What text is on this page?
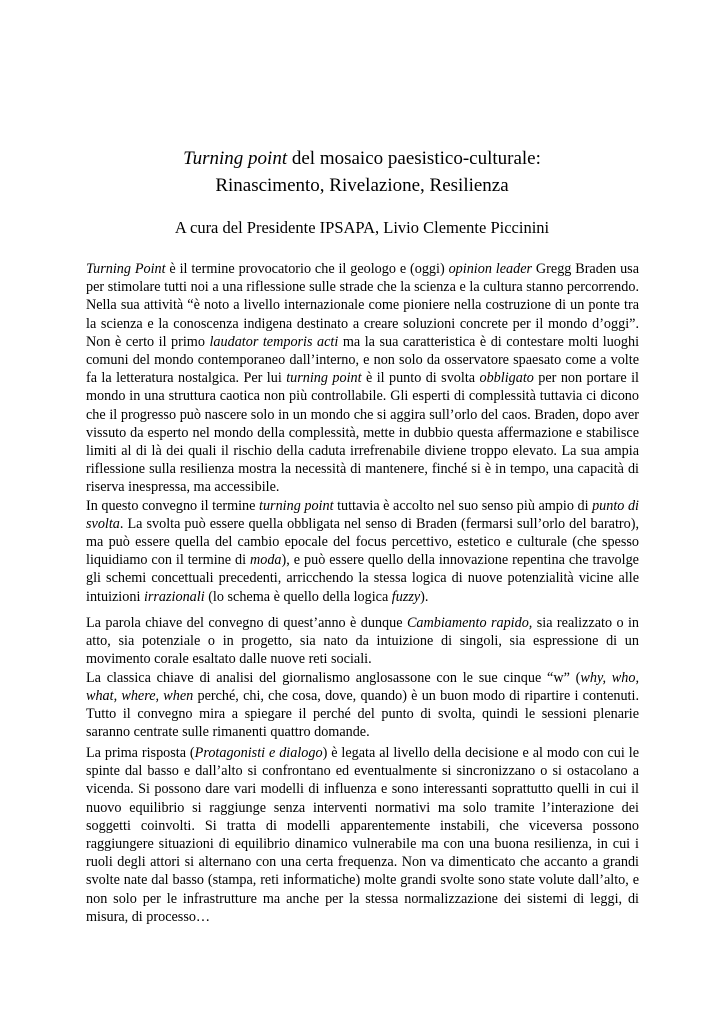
Turning point del mosaico paesistico-culturale:
Rinascimento, Rivelazione, Resilienza
A cura del Presidente IPSAPA, Livio Clemente Piccinini

Turning Point è il termine provocatorio che il geologo e (oggi) opinion leader Gregg Braden usa per stimolare tutti noi a una riflessione sulle strade che la scienza e la cultura stanno percorrendo. Nella sua attività “è noto a livello internazionale come pioniere nella costruzione di un ponte tra la scienza e la conoscenza indigena destinato a creare soluzioni concrete per il mondo d’oggi”. Non è certo il primo laudator temporis acti ma la sua caratteristica è di contestare molti luoghi comuni del mondo contemporaneo dall’interno, e non solo da osservatore spaesato come a volte fa la letteratura nostalgica. Per lui turning point è il punto di svolta obbligato per non portare il mondo in una struttura caotica non più controllabile. Gli esperti di complessità tuttavia ci dicono che il progresso può nascere solo in un mondo che si aggira sull’orlo del caos. Braden, dopo aver vissuto da esperto nel mondo della complessità, mette in dubbio questa affermazione e stabilisce limiti al di là dei quali il rischio della caduta irrefrenabile diviene troppo elevato. La sua ampia riflessione sulla resilienza mostra la necessità di mantenere, finché si è in tempo, una capacità di riserva inespressa, ma accessibile.

In questo convegno il termine turning point tuttavia è accolto nel suo senso più ampio di punto di svolta. La svolta può essere quella obbligata nel senso di Braden (fermarsi sull’orlo del baratro), ma può essere quella del cambio epocale del focus percettivo, estetico e culturale (che spesso liquidiamo con il termine di moda), e può essere quello della innovazione repentina che travolge gli schemi concettuali precedenti, arricchendo la stessa logica di nuove potenzialità vicine alle intuizioni irrazionali (lo schema è quello della logica fuzzy).

La parola chiave del convegno di quest’anno è dunque Cambiamento rapido, sia realizzato o in atto, sia potenziale o in progetto, sia nato da intuizione di singoli, sia espressione di un movimento corale esaltato dalle nuove reti sociali.

La classica chiave di analisi del giornalismo anglosassone con le sue cinque “w” (why, who, what, where, when perché, chi, che cosa, dove, quando) è un buon modo di ripartire i contenuti. Tutto il convegno mira a spiegare il perché del punto di svolta, quindi le sessioni plenarie saranno centrate sulle rimanenti quattro domande.

La prima risposta (Protagonisti e dialogo) è legata al livello della decisione e al modo con cui le spinte dal basso e dall’alto si confrontano ed eventualmente si sincronizzano o si ostacolano a vicenda. Si possono dare vari modelli di influenza e sono interessanti soprattutto quelli in cui il nuovo equilibrio si raggiunge senza interventi normativi ma solo tramite l’interazione dei soggetti coinvolti. Si tratta di modelli apparentemente instabili, che viceversa possono raggiungere situazioni di equilibrio dinamico vulnerabile ma con una buona resilienza, in cui i ruoli degli attori si alternano con una certa frequenza. Non va dimenticato che accanto a grandi svolte nate dal basso (stampa, reti informatiche) molte grandi svolte sono state volute dall’alto, e non solo per le infrastrutture ma anche per la stessa normalizzazione dei sistemi di leggi, di misura, di processo…
